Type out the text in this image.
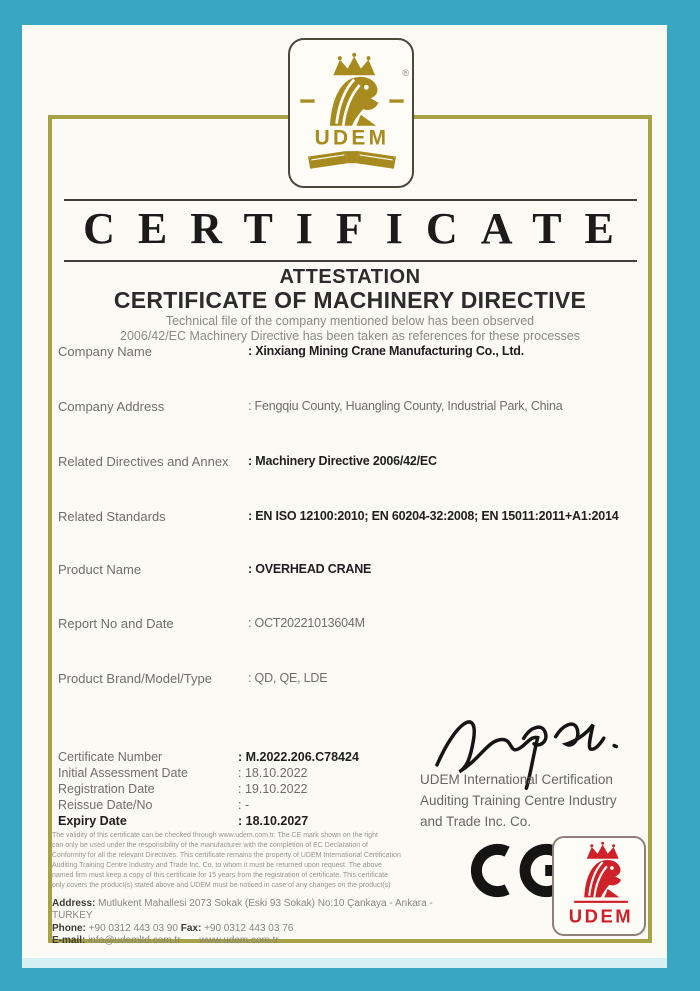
UDEM
®
CERTIFICATE
ATTESTATION
CERTIFICATE OF MACHINERY DIRECTIVE

Technical file of the company mentioned below has been observed

2006/42/EC Machinery Directive has been taken as references for these processes

Company Name	: Xinxiang Mining Crane Manufacturing Co., Ltd.
Company Address	: Fengqiu County, Huangling County, Industrial Park, China
Related Directives and Annex	: Machinery Directive 2006/42/EC
Related Standards	: EN ISO 12100:2010; EN 60204-32:2008; EN 15011:2011+A1:2014
Product Name	: OVERHEAD CRANE
Report No and Date	: OCT20221013604M
Product Brand/Model/Type	: QD, QE, LDE
Certificate Number	: M.2022.206.C78424
Initial Assessment Date	: 18.10.2022
Registration Date	: 19.10.2022
Reissue Date/No	: -
Expiry Date	: 18.10.2027
The validity of this certificate can be checked through www.udem.com.tr. The CE mark shown on the right
can only be used under the responsibility of the manufacturer with the completion of EC Declaration of
Conformity for all the relevant Directives. This certificate remains the property of UDEM International Certification
Auditing Training Centre Industry and Trade Inc. Co. to whom it must be returned upon request. The above
named firm must keep a copy of this certificate for 15 years from the registration of certificate. This certificate
only covers the product(s) stated above and UDEM must be noticed in case of any changes on the product(s)
Address: Mutlukent Mahallesi 2073 Sokak (Eski 93 Sokak) No:10 Çankaya - Ankara - TURKEY
Phone: +90 0312 443 03 90 Fax: +90 0312 443 03 76
E-mail: info@udemltd.com.tr www.udem.com.tr
UDEM International Certification
Auditing Training Centre Industry
and Trade Inc. Co.
UDEM
